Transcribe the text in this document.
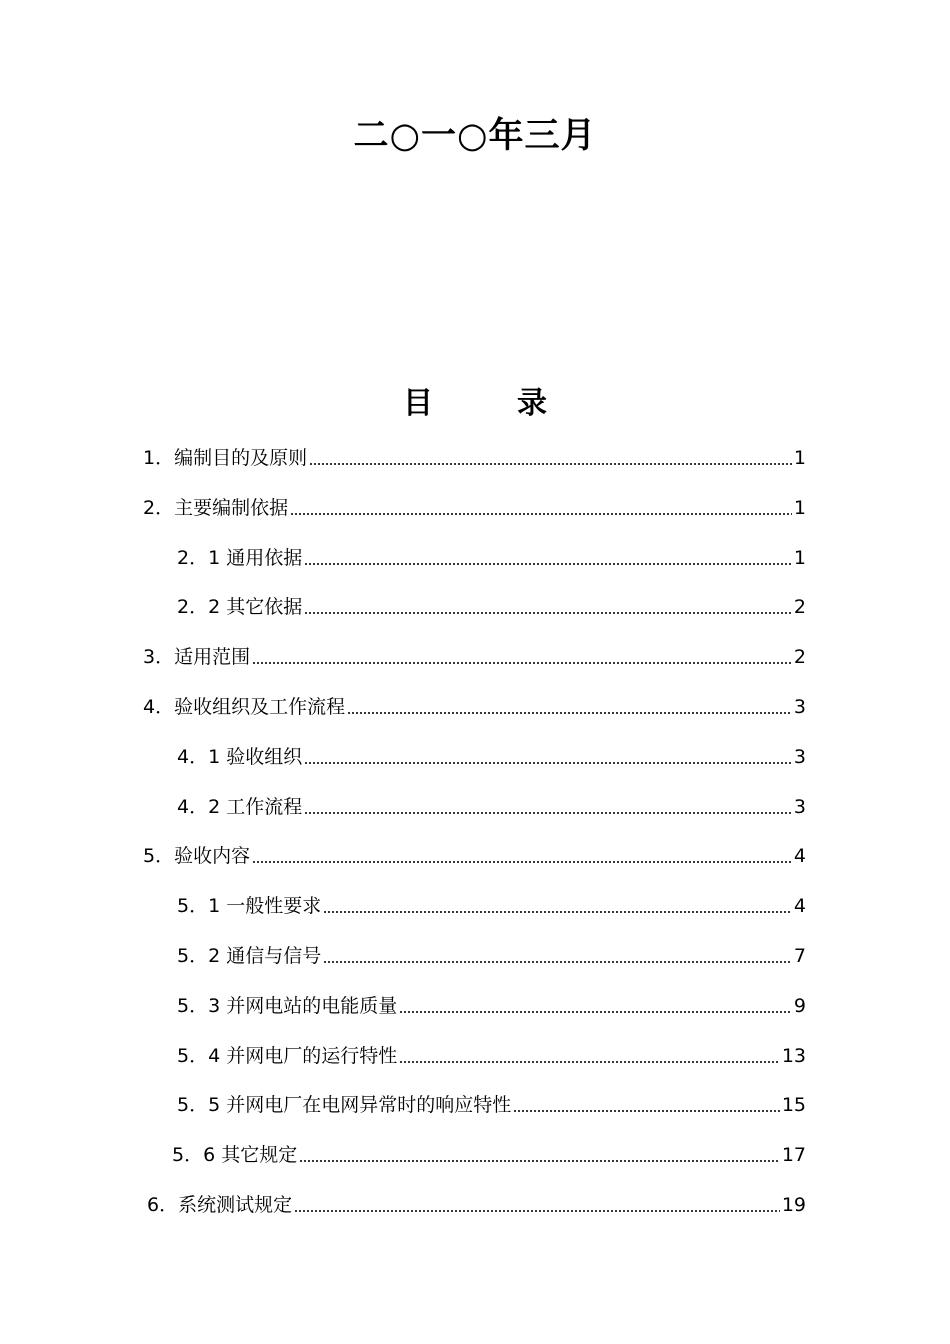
二○一○年三月
目	录
1．编制目的及原则	1
2．主要编制依据	1
2．1 通用依据	1
2．2 其它依据	2
3．适用范围	2
4．验收组织及工作流程	3
4．1 验收组织	3
4．2 工作流程	3
5．验收内容	4
5．1 一般性要求	4
5．2 通信与信号	7
5．3 并网电站的电能质量	9
5．4 并网电厂的运行特性	13
5．5 并网电厂在电网异常时的响应特性	15
5．6 其它规定	17
6．系统测试规定	19
